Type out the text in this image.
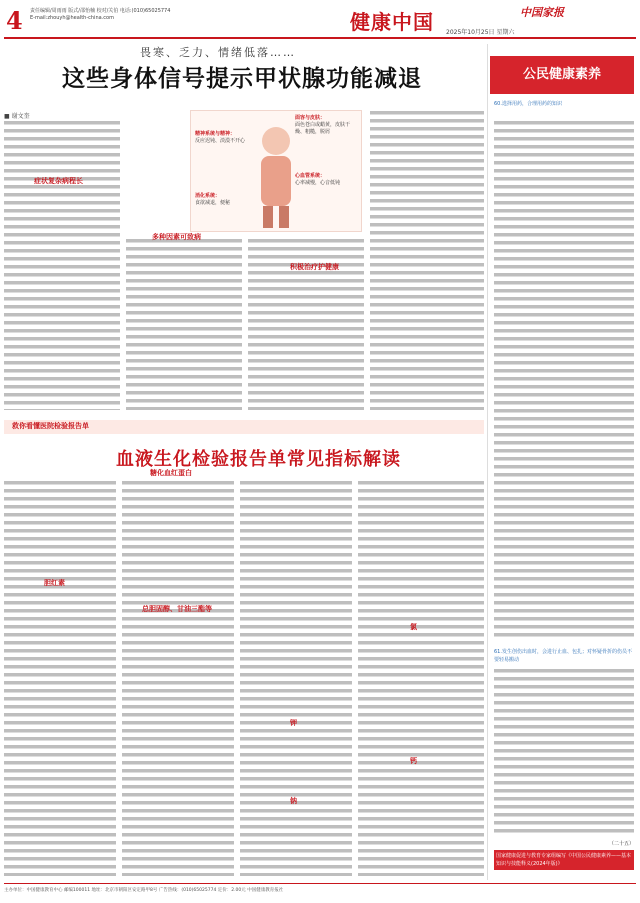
4 责任编辑/周雨雨 版式/邵怡楠 校对/关伯 电话:(010)65025774
E-mail:zhouyh@health-china.com	健康中国	中国家报
2025年10月25日 星期六
畏寒、乏力、情绪低落……
这些身体信号提示甲状腺功能减退
■ 谢文奎
症状复杂病程长
多种因素可致病
积极治疗护健康
精神系统与精神：
反应迟钝、淡漠不开心
面容与皮肤：
面色苍白或蜡黄，皮肤干燥、粗糙，脱屑
心血管系统：
心率减慢，心音低钝
消化系统：
食欲减退，便秘
救你看懂医院检验报告单
血液生化检验报告单常见指标解读
胆红素
糖化血红蛋白
总胆固醇、甘油三酯等
钾
钠
氯
钙
公民健康素养
60.选择用药，合理用药的知识
61.发生创伤出血时，会进行止血、包扎；对怀疑骨折的伤员不要轻易搬动
（二十五）
国家健康促进与教育专家组编写《中国公民健康素养——基本知识与技能释义(2024年版)》
主办单位：中国健康教育中心 邮编100011 地址：北京市朝阳区安定路甲8号 广告热线：(010)65025774 定价：2.00元 中国健康教育报社
